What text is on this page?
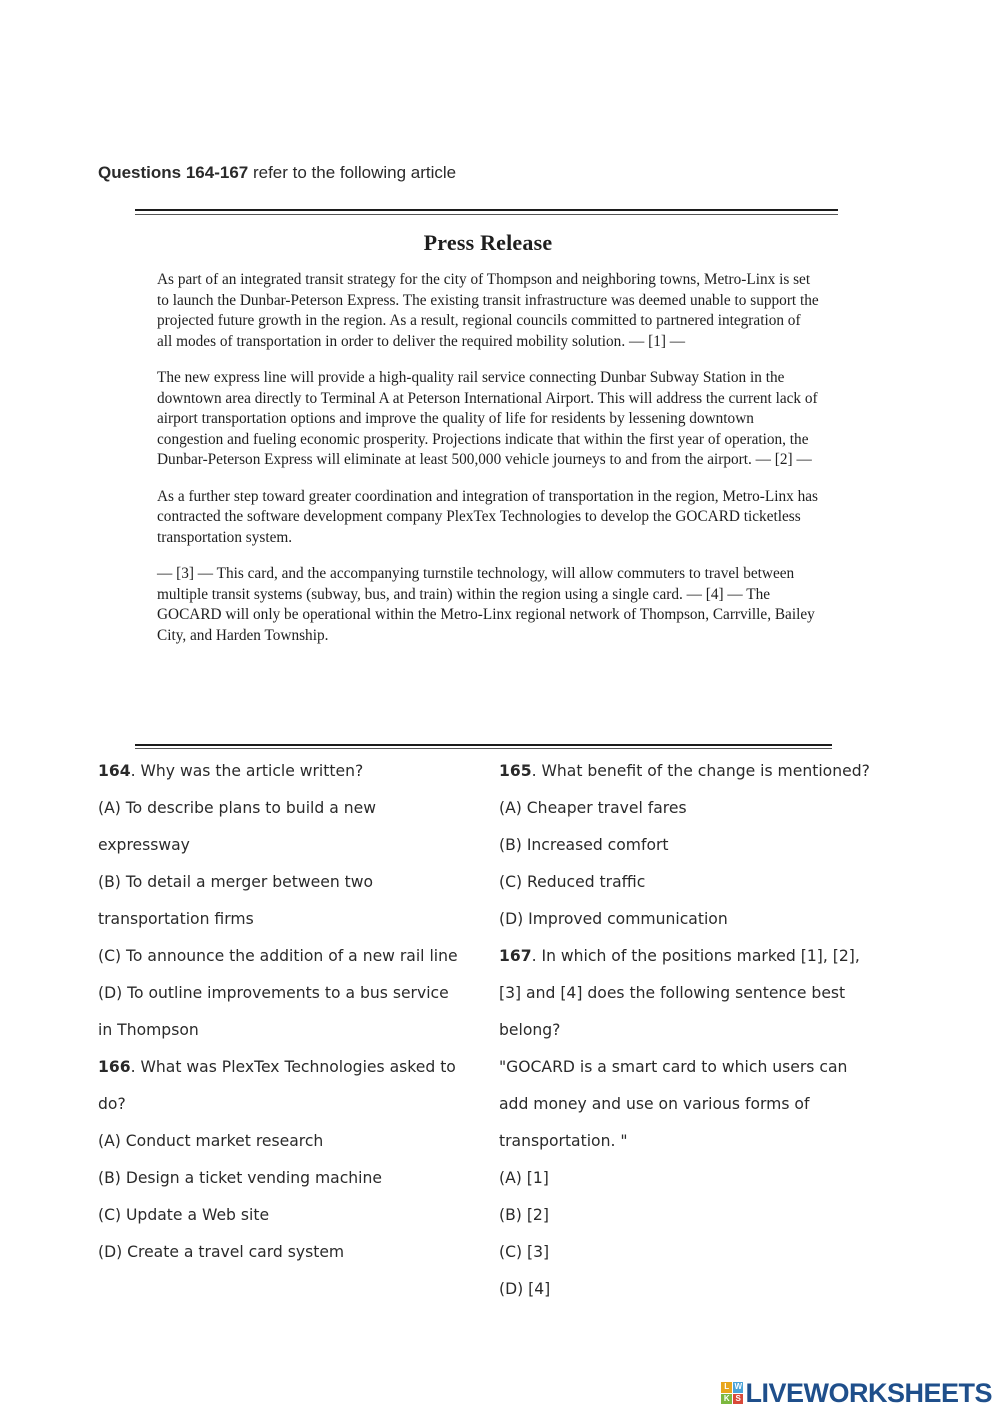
Questions 164-167 refer to the following article
Press Release

As part of an integrated transit strategy for the city of Thompson and neighboring towns, Metro-Linx is set to launch the Dunbar-Peterson Express. The existing transit infrastructure was deemed unable to support the projected future growth in the region. As a result, regional councils committed to partnered integration of all modes of transportation in order to deliver the required mobility solution. — [1] —

The new express line will provide a high-quality rail service connecting Dunbar Subway Station in the downtown area directly to Terminal A at Peterson International Airport. This will address the current lack of airport transportation options and improve the quality of life for residents by lessening downtown congestion and fueling economic prosperity. Projections indicate that within the first year of operation, the Dunbar-Peterson Express will eliminate at least 500,000 vehicle journeys to and from the airport. — [2] —

As a further step toward greater coordination and integration of transportation in the region, Metro-Linx has contracted the software development company PlexTex Technologies to develop the GOCARD ticketless transportation system.

— [3] — This card, and the accompanying turnstile technology, will allow commuters to travel between multiple transit systems (subway, bus, and train) within the region using a single card. — [4] — The GOCARD will only be operational within the Metro-Linx regional network of Thompson, Carrville, Bailey City, and Harden Township.

164. Why was the article written?
(A) To describe plans to build a new
expressway
(B) To detail a merger between two
transportation firms
(C) To announce the addition of a new rail line
(D) To outline improvements to a bus service
in Thompson
166. What was PlexTex Technologies asked to
do?
(A) Conduct market research
(B) Design a ticket vending machine
(C) Update a Web site
(D) Create a travel card system
165. What benefit of the change is mentioned?
(A) Cheaper travel fares
(B) Increased comfort
(C) Reduced traffic
(D) Improved communication
167. In which of the positions marked [1], [2],
[3] and [4] does the following sentence best
belong?
"GOCARD is a smart card to which users can
add money and use on various forms of
transportation. "
(A) [1]
(B) [2]
(C) [3]
(D) [4]
L W
K S LIVEWORKSHEETS
